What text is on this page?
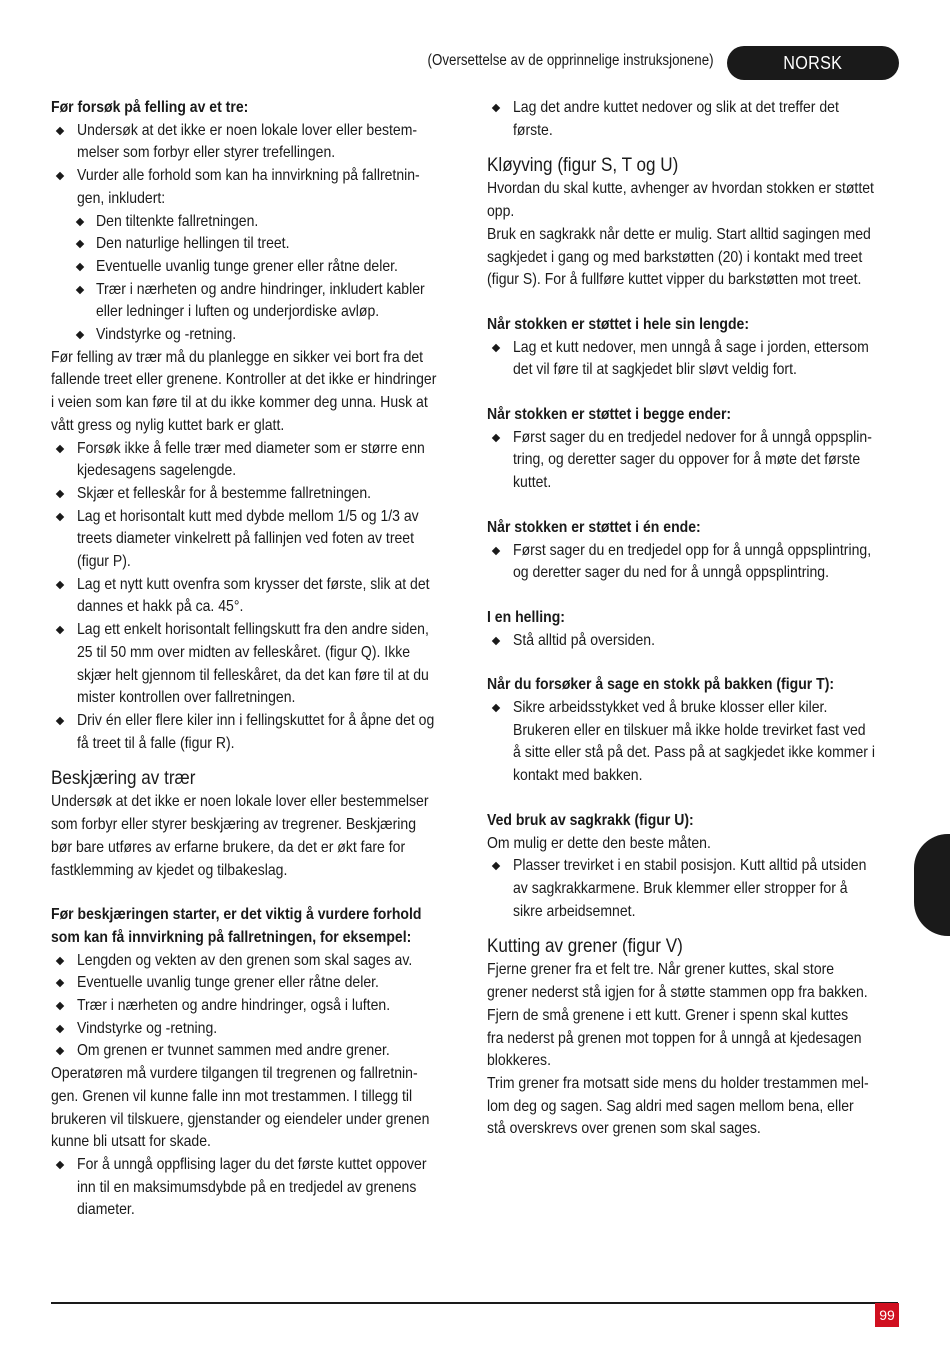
(Oversettelse av de opprinnelige instruksjonene)	NORSK

Før forsøk på felling av et tre:

Undersøk at det ikke er noen lokale lover eller bestem-
melser som forbyr eller styrer trefellingen.
Vurder alle forhold som kan ha innvirkning på fallretnin-
gen, inkludert:
Den tiltenkte fallretningen.
Den naturlige hellingen til treet.
Eventuelle uvanlig tunge grener eller råtne deler.
Trær i nærheten og andre hindringer, inkludert kabler
eller ledninger i luften og underjordiske avløp.
Vindstyrke og -retning.

Før felling av trær må du planlegge en sikker vei bort fra det
fallende treet eller grenene. Kontroller at det ikke er hindringer
i veien som kan føre til at du ikke kommer deg unna. Husk at
vått gress og nylig kuttet bark er glatt.

Forsøk ikke å felle trær med diameter som er større enn
kjedesagens sagelengde.
Skjær et felleskår for å bestemme fallretningen.
Lag et horisontalt kutt med dybde mellom 1/5 og 1/3 av
treets diameter vinkelrett på fallinjen ved foten av treet
(figur P).
Lag et nytt kutt ovenfra som krysser det første, slik at det
dannes et hakk på ca. 45°.
Lag ett enkelt horisontalt fellingskutt fra den andre siden,
25 til 50 mm over midten av felleskåret. (figur Q). Ikke
skjær helt gjennom til felleskåret, da det kan føre til at du
mister kontrollen over fallretningen.
Driv én eller flere kiler inn i fellingskuttet for å åpne det og
få treet til å falle (figur R).
Beskjæring av trær

Undersøk at det ikke er noen lokale lover eller bestemmelser
som forbyr eller styrer beskjæring av tregrener. Beskjæring
bør bare utføres av erfarne brukere, da det er økt fare for
fastklemming av kjedet og tilbakeslag.

Før beskjæringen starter, er det viktig å vurdere forhold
som kan få innvirkning på fallretningen, for eksempel:

Lengden og vekten av den grenen som skal sages av.
Eventuelle uvanlig tunge grener eller råtne deler.
Trær i nærheten og andre hindringer, også i luften.
Vindstyrke og -retning.
Om grenen er tvunnet sammen med andre grener.

Operatøren må vurdere tilgangen til tregrenen og fallretnin-
gen. Grenen vil kunne falle inn mot trestammen. I tillegg til
brukeren vil tilskuere, gjenstander og eiendeler under grenen
kunne bli utsatt for skade.

For å unngå oppflising lager du det første kuttet oppover
inn til en maksimumsdybde på en tredjedel av grenens
diameter.
Lag det andre kuttet nedover og slik at det treffer det
første.
Kløyving (figur S, T og U)

Hvordan du skal kutte, avhenger av hvordan stokken er støttet
opp.
Bruk en sagkrakk når dette er mulig. Start alltid sagingen med
sagkjedet i gang og med barkstøtten (20) i kontakt med treet
(figur S). For å fullføre kuttet vipper du barkstøtten mot treet.

Når stokken er støttet i hele sin lengde:

Lag et kutt nedover, men unngå å sage i jorden, ettersom
det vil føre til at sagkjedet blir sløvt veldig fort.

Når stokken er støttet i begge ender:

Først sager du en tredjedel nedover for å unngå oppsplin-
tring, og deretter sager du oppover for å møte det første
kuttet.

Når stokken er støttet i én ende:

Først sager du en tredjedel opp for å unngå oppsplintring,
og deretter sager du ned for å unngå oppsplintring.

I en helling:

Stå alltid på oversiden.

Når du forsøker å sage en stokk på bakken (figur T):

Sikre arbeidsstykket ved å bruke klosser eller kiler.
Brukeren eller en tilskuer må ikke holde trevirket fast ved
å sitte eller stå på det. Pass på at sagkjedet ikke kommer i
kontakt med bakken.

Ved bruk av sagkrakk (figur U):

Om mulig er dette den beste måten.

Plasser trevirket i en stabil posisjon. Kutt alltid på utsiden
av sagkrakkarmene. Bruk klemmer eller stropper for å
sikre arbeidsemnet.
Kutting av grener (figur V)

Fjerne grener fra et felt tre. Når grener kuttes, skal store
grener nederst stå igjen for å støtte stammen opp fra bakken.
Fjern de små grenene i ett kutt. Grener i spenn skal kuttes
fra nederst på grenen mot toppen for å unngå at kjedesagen
blokkeres.
Trim grener fra motsatt side mens du holder trestammen mel-
lom deg og sagen. Sag aldri med sagen mellom bena, eller
stå overskrevs over grenen som skal sages.

99
